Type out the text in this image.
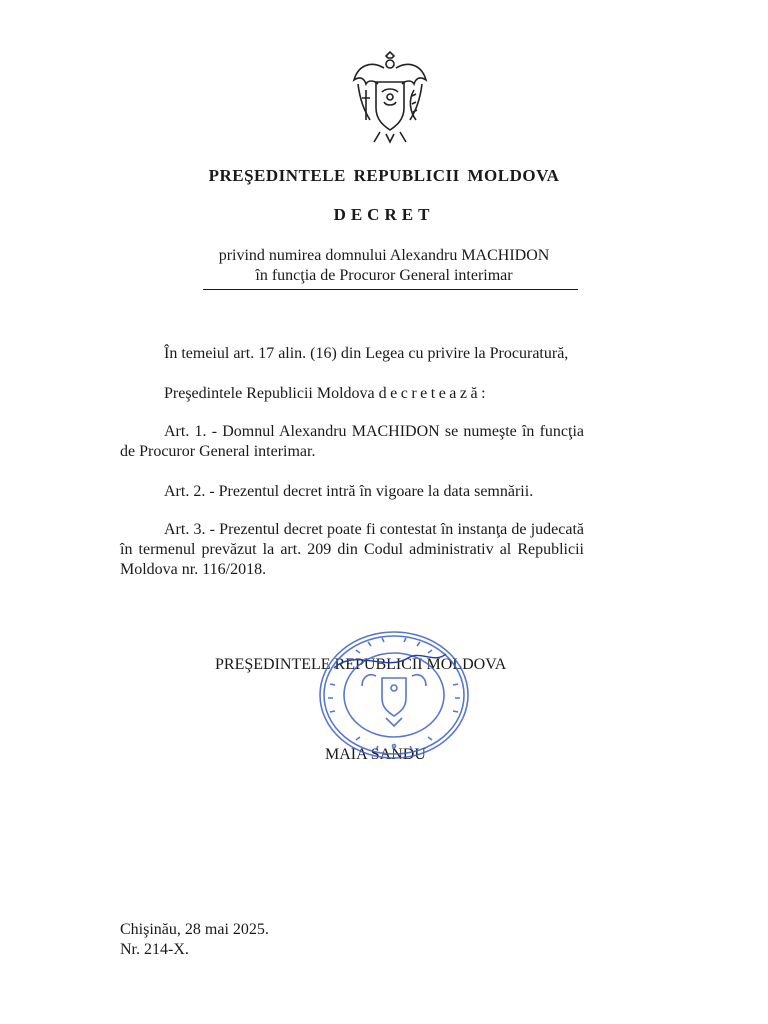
PREŞEDINTELE REPUBLICII MOLDOVA
DECRET
privind numirea domnului Alexandru MACHIDON
în funcţia de Procuror General interimar
În temeiul art. 17 alin. (16) din Legea cu privire la Procuratură,
Preşedintele Republicii Moldova decretează:
Art. 1. - Domnul Alexandru MACHIDON se numeşte în funcţia de Procuror General interimar.
Art. 2. - Prezentul decret intră în vigoare la data semnării.
Art. 3. - Prezentul decret poate fi contestat în instanţa de judecată în termenul prevăzut la art. 209 din Codul administrativ al Republicii Moldova nr. 116/2018.
PREŞEDINTELE REPUBLICII MOLDOVA
MAIA SANDU
Chişinău, 28 mai 2025.
Nr. 214-X.
